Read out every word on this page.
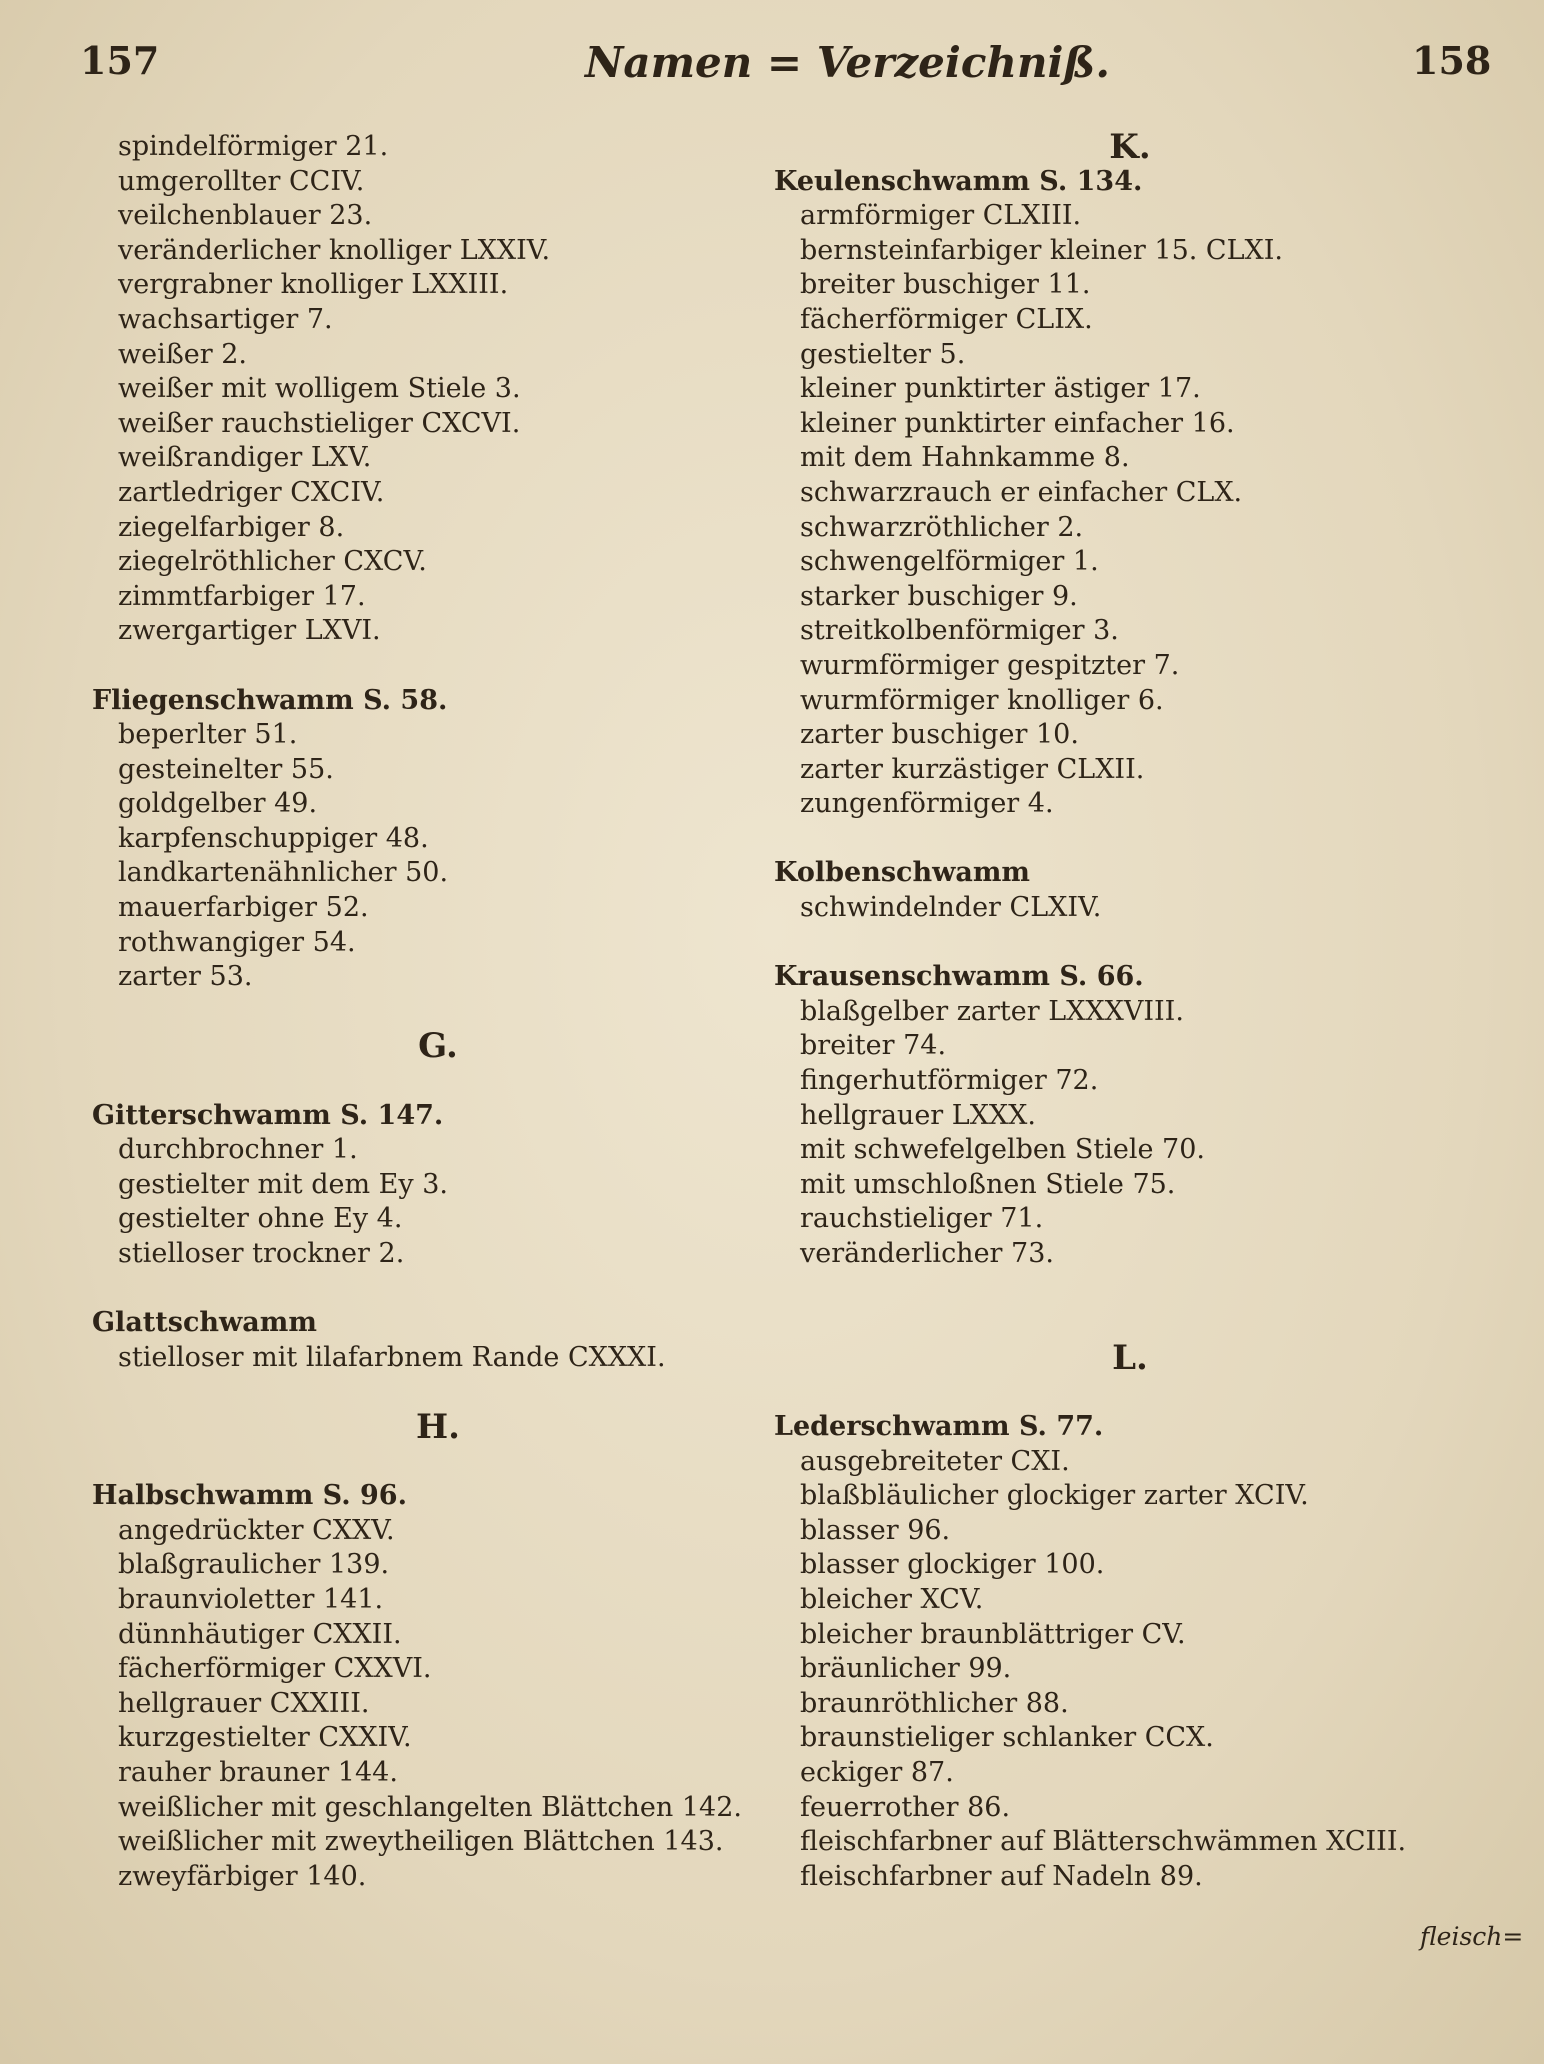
157	Namen = Verzeichniß.	158
spindelförmiger 21.
umgerollter CCIV.
veilchenblauer 23.
veränderlicher knolliger LXXIV.
vergrabner knolliger LXXIII.
wachsartiger 7.
weißer 2.
weißer mit wolligem Stiele 3.
weißer rauchstieliger CXCVI.
weißrandiger LXV.
zartledriger CXCIV.
ziegelfarbiger 8.
ziegelröthlicher CXCV.
zimmtfarbiger 17.
zwergartiger LXVI.
Fliegenschwamm S. 58.
beperlter 51.
gesteinelter 55.
goldgelber 49.
karpfenschuppiger 48.
landkartenähnlicher 50.
mauerfarbiger 52.
rothwangiger 54.
zarter 53.
G.
Gitterschwamm S. 147.
durchbrochner 1.
gestielter mit dem Ey 3.
gestielter ohne Ey 4.
stielloser trockner 2.
Glattschwamm
stielloser mit lilafarbnem Rande CXXXI.
H.
Halbschwamm S. 96.
angedrückter CXXV.
blaßgraulicher 139.
braunvioletter 141.
dünnhäutiger CXXII.
fächerförmiger CXXVI.
hellgrauer CXXIII.
kurzgestielter CXXIV.
rauher brauner 144.
weißlicher mit geschlangelten Blättchen 142.
weißlicher mit zweytheiligen Blättchen 143.
zweyfärbiger 140.
K.
Keulenschwamm S. 134.
armförmiger CLXIII.
bernsteinfarbiger kleiner 15. CLXI.
breiter buschiger 11.
fächerförmiger CLIX.
gestielter 5.
kleiner punktirter ästiger 17.
kleiner punktirter einfacher 16.
mit dem Hahnkamme 8.
schwarzrauch er einfacher CLX.
schwarzröthlicher 2.
schwengelförmiger 1.
starker buschiger 9.
streitkolbenförmiger 3.
wurmförmiger gespitzter 7.
wurmförmiger knolliger 6.
zarter buschiger 10.
zarter kurzästiger CLXII.
zungenförmiger 4.
Kolbenschwamm
schwindelnder CLXIV.
Krausenschwamm S. 66.
blaßgelber zarter LXXXVIII.
breiter 74.
fingerhutförmiger 72.
hellgrauer LXXX.
mit schwefelgelben Stiele 70.
mit umschloßnen Stiele 75.
rauchstieliger 71.
veränderlicher 73.
L.
Lederschwamm S. 77.
ausgebreiteter CXI.
blaßbläulicher glockiger zarter XCIV.
blasser 96.
blasser glockiger 100.
bleicher XCV.
bleicher braunblättriger CV.
bräunlicher 99.
braunröthlicher 88.
braunstieliger schlanker CCX.
eckiger 87.
feuerrother 86.
fleischfarbner auf Blätterschwämmen XCIII.
fleischfarbner auf Nadeln 89.
fleisch=
